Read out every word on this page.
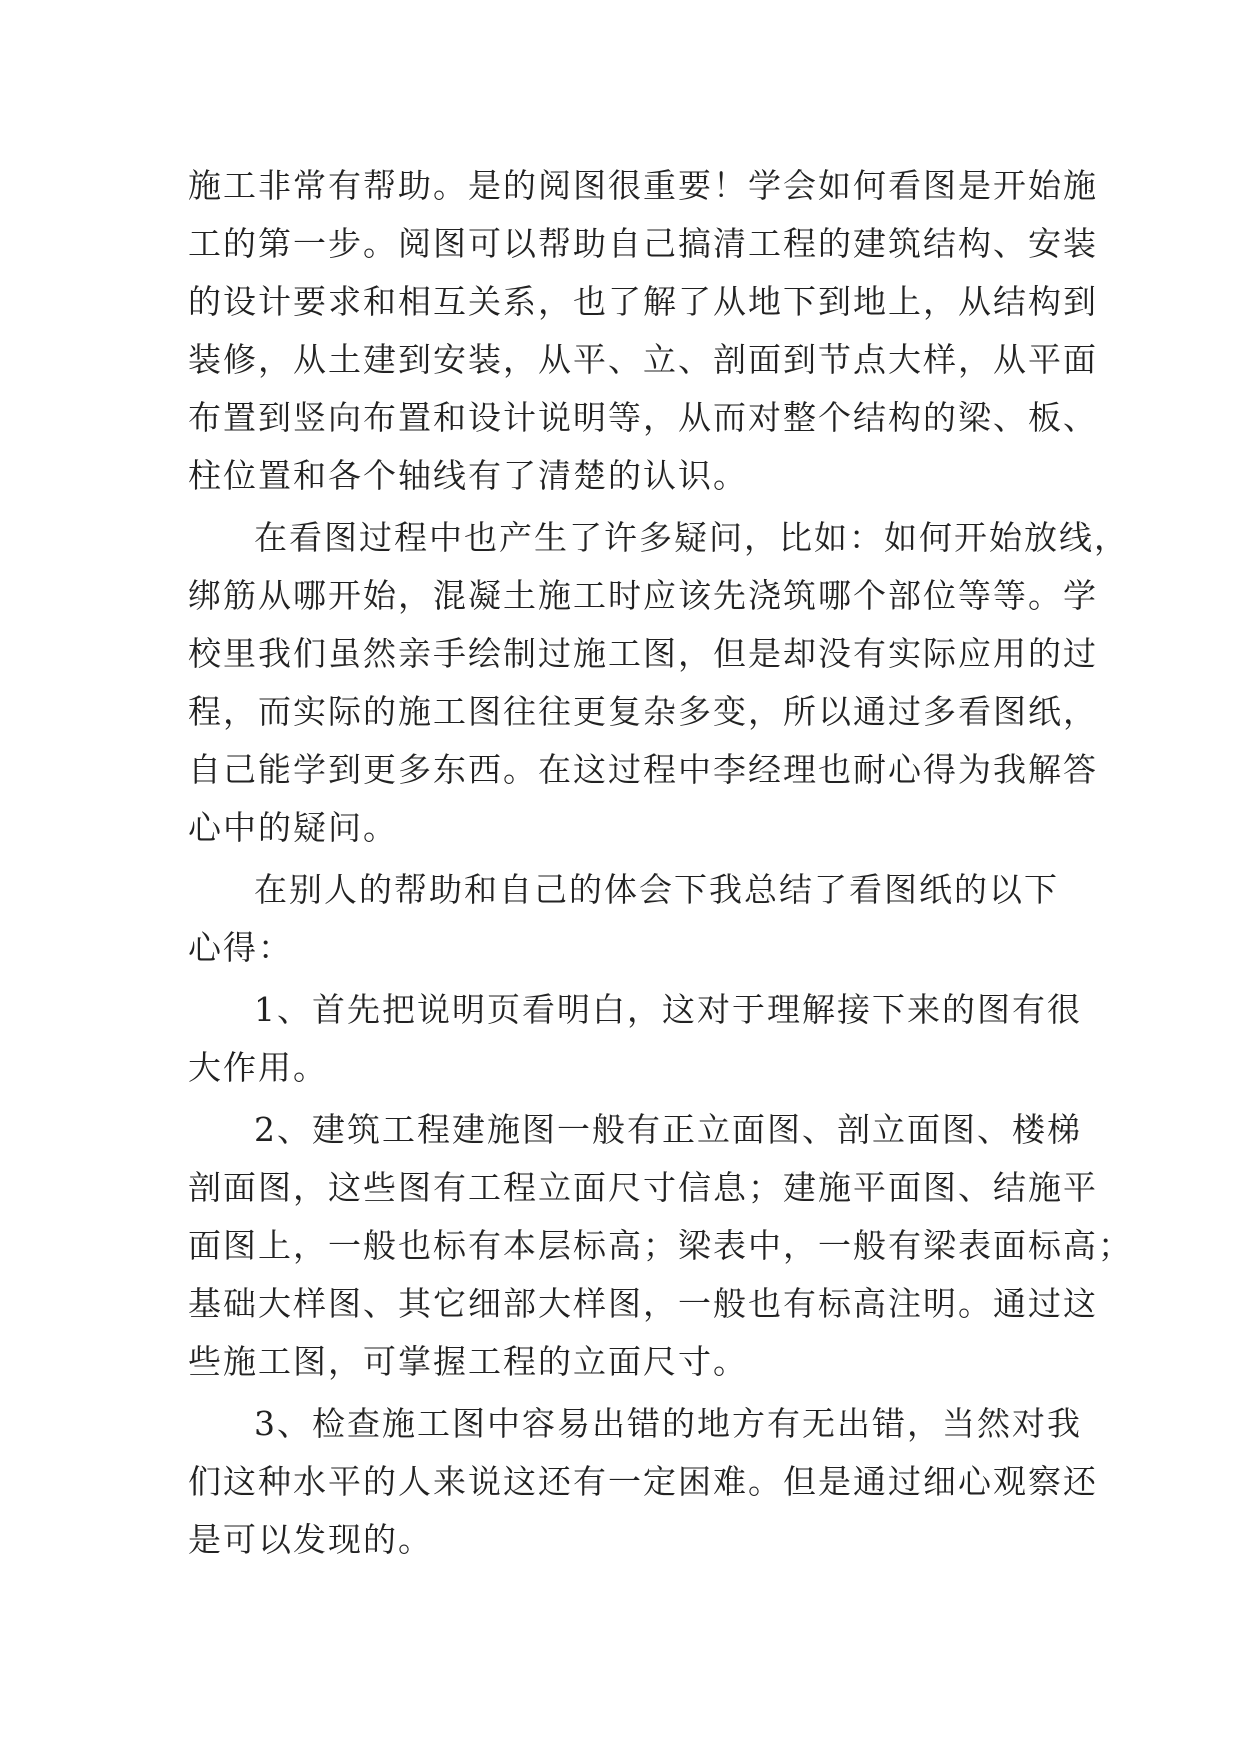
施工非常有帮助。是的阅图很重要！学会如何看图是开始施
工的第一步。阅图可以帮助自己搞清工程的建筑结构、安装
的设计要求和相互关系，也了解了从地下到地上，从结构到
装修，从土建到安装，从平、立、剖面到节点大样，从平面
布置到竖向布置和设计说明等，从而对整个结构的梁、板、
柱位置和各个轴线有了清楚的认识。
在看图过程中也产生了许多疑问，比如：如何开始放线，
绑筋从哪开始，混凝土施工时应该先浇筑哪个部位等等。学
校里我们虽然亲手绘制过施工图，但是却没有实际应用的过
程，而实际的施工图往往更复杂多变，所以通过多看图纸，
自己能学到更多东西。在这过程中李经理也耐心得为我解答
心中的疑问。
在别人的帮助和自己的体会下我总结了看图纸的以下
心得：
1、首先把说明页看明白，这对于理解接下来的图有很
大作用。
2、建筑工程建施图一般有正立面图、剖立面图、楼梯
剖面图，这些图有工程立面尺寸信息；建施平面图、结施平
面图上，一般也标有本层标高；梁表中，一般有梁表面标高；
基础大样图、其它细部大样图，一般也有标高注明。通过这
些施工图，可掌握工程的立面尺寸。
3、检查施工图中容易出错的地方有无出错，当然对我
们这种水平的人来说这还有一定困难。但是通过细心观察还
是可以发现的。
